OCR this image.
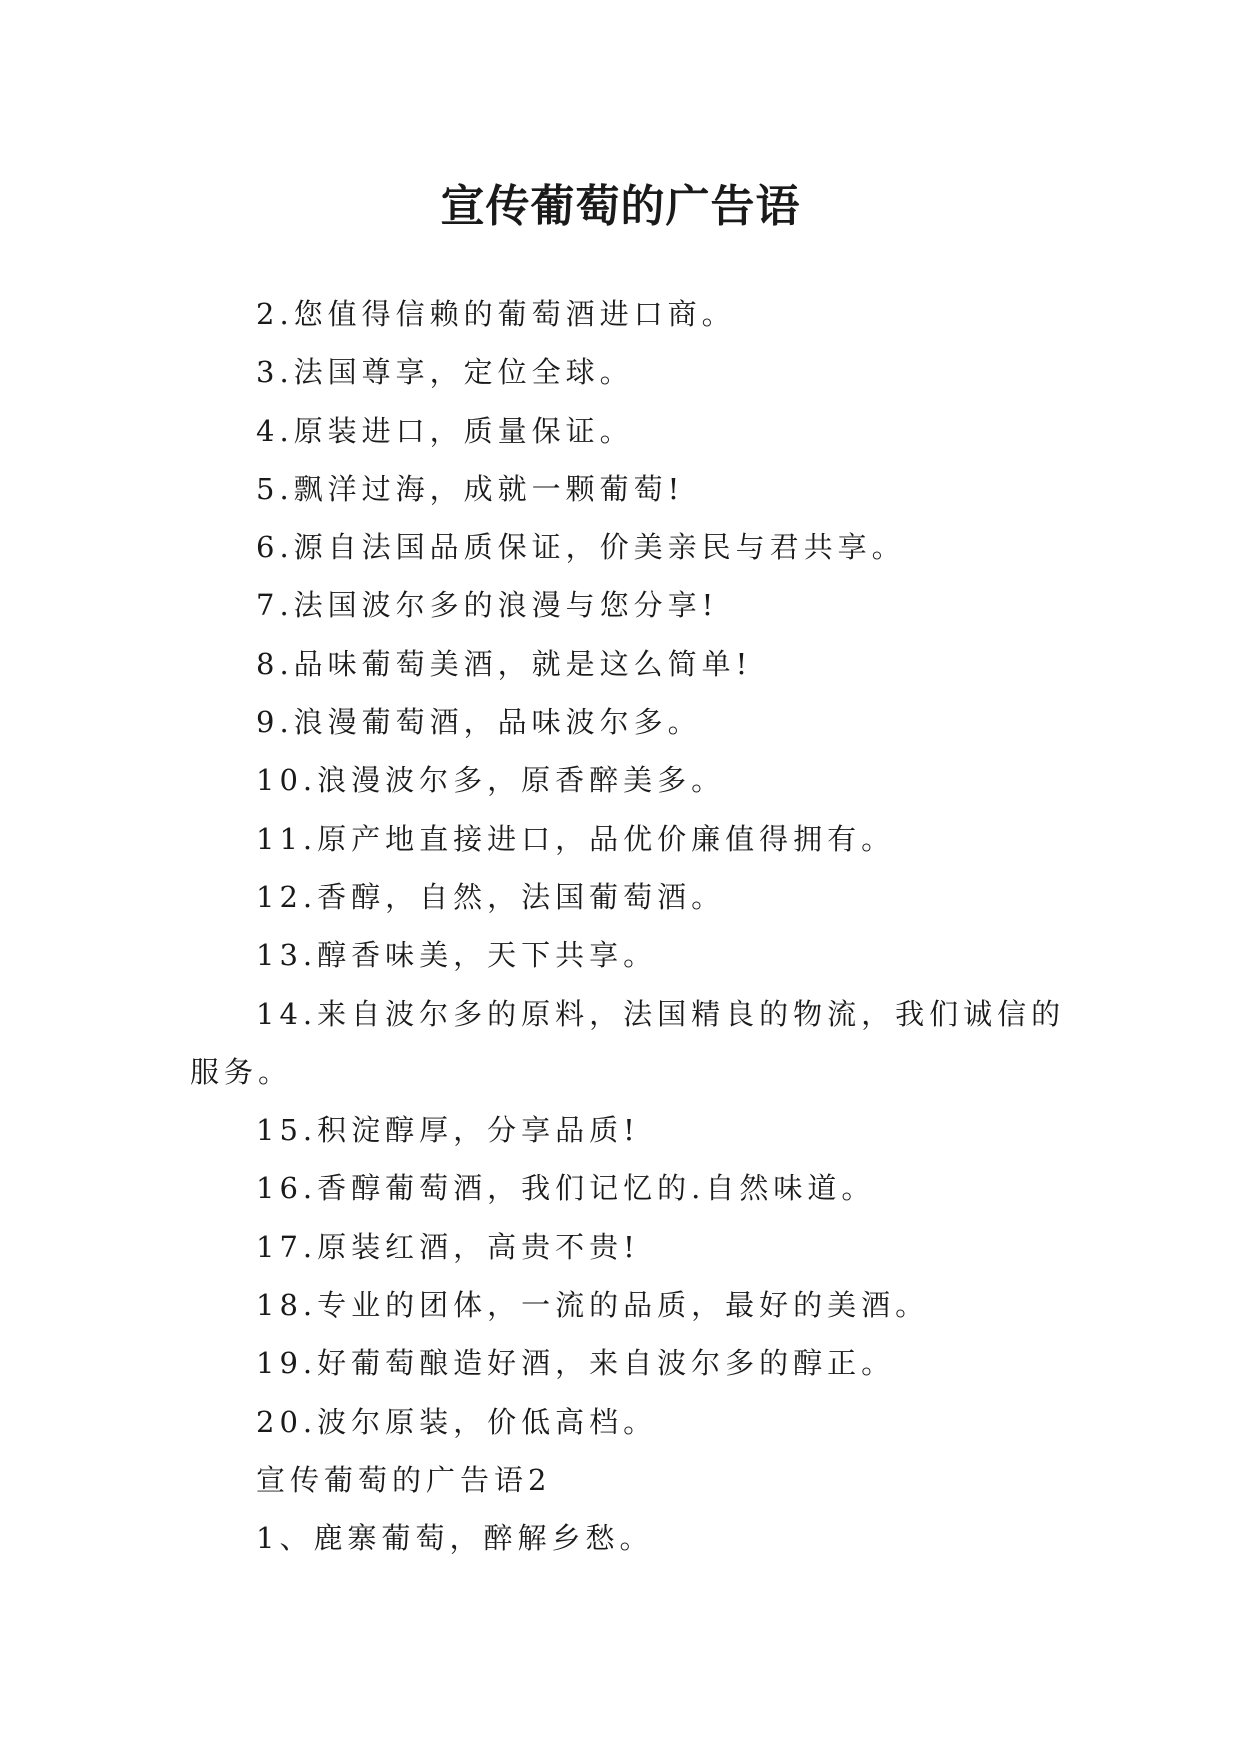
宣传葡萄的广告语

2.您值得信赖的葡萄酒进口商。

3.法国尊享，定位全球。

4.原装进口，质量保证。

5.飘洋过海，成就一颗葡萄!

6.源自法国品质保证，价美亲民与君共享。

7.法国波尔多的浪漫与您分享!

8.品味葡萄美酒，就是这么简单!

9.浪漫葡萄酒，品味波尔多。

10.浪漫波尔多，原香醉美多。

11.原产地直接进口，品优价廉值得拥有。

12.香醇，自然，法国葡萄酒。

13.醇香味美，天下共享。

14.来自波尔多的原料，法国精良的物流，我们诚信的服务。

15.积淀醇厚，分享品质!

16.香醇葡萄酒，我们记忆的.自然味道。

17.原装红酒，高贵不贵!

18.专业的团体，一流的品质，最好的美酒。

19.好葡萄酿造好酒，来自波尔多的醇正。

20.波尔原装，价低高档。

宣传葡萄的广告语2

1、鹿寨葡萄，醉解乡愁。
